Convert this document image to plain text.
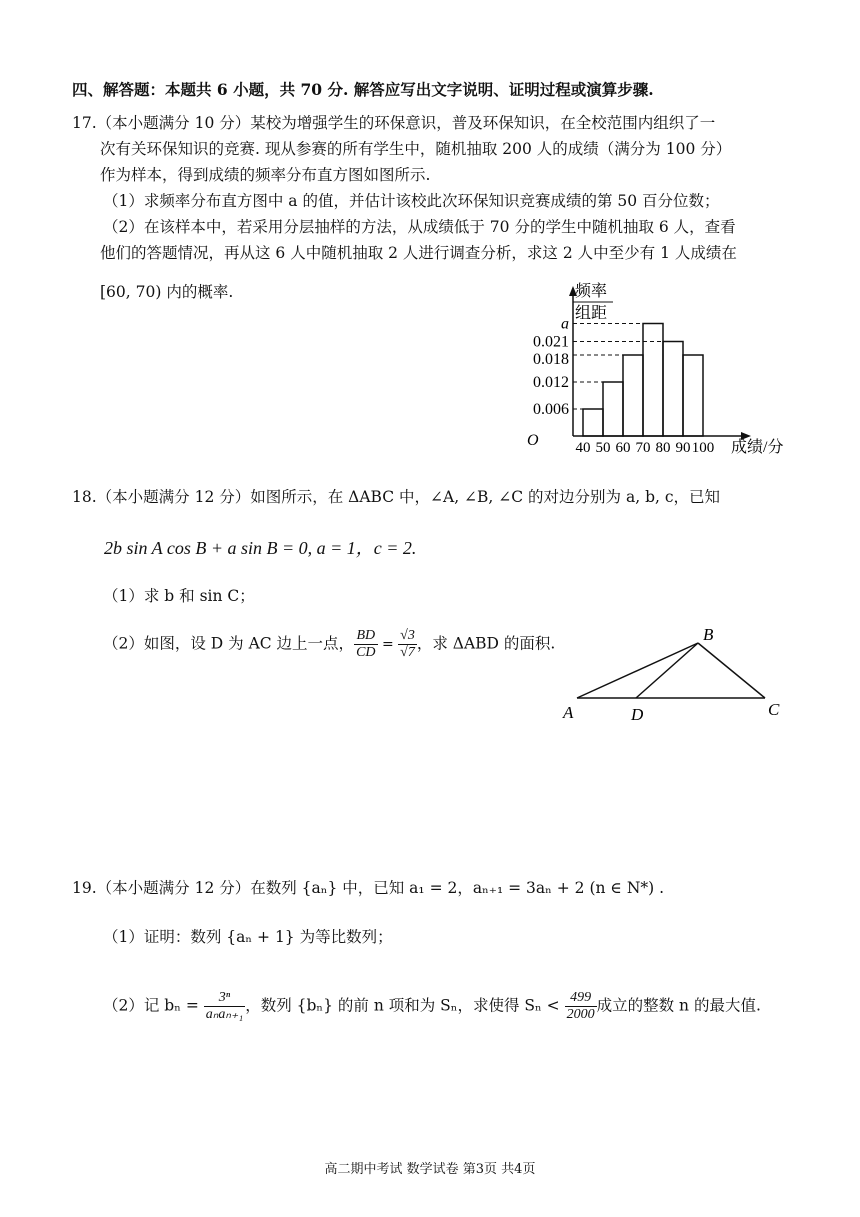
四、解答题：本题共 6 小题，共 70 分. 解答应写出文字说明、证明过程或演算步骤.
17.（本小题满分 10 分）某校为增强学生的环保意识，普及环保知识，在全校范围内组织了一
次有关环保知识的竞赛. 现从参赛的所有学生中，随机抽取 200 人的成绩（满分为 100 分）
作为样本，得到成绩的频率分布直方图如图所示.
（1）求频率分布直方图中 a 的值，并估计该校此次环保知识竞赛成绩的第 50 百分位数；
（2）在该样本中，若采用分层抽样的方法，从成绩低于 70 分的学生中随机抽取 6 人，查看
他们的答题情况，再从这 6 人中随机抽取 2 人进行调查分析，求这 2 人中至少有 1 人成绩在
[60, 70) 内的概率.
a
0.021
0.018
0.012
0.006
40 50 60 70 80 90 100
频率
组距
成绩/分
O
18.（本小题满分 12 分）如图所示，在 ΔABC 中，∠A, ∠B, ∠C 的对边分别为 a, b, c，已知
2b sin A cos B + a sin B = 0, a = 1，c = 2.
（1）求 b 和 sin C；
（2）如图，设 D 为 AC 边上一点， $\frac{BD}{CD} = \frac{√3}{√7}$ ，求 ΔABD 的面积.	B
A	D	C
19.（本小题满分 12 分）在数列 {aₙ} 中，已知 a₁ = 2，aₙ₊₁ = 3aₙ + 2 (n ∈ N*) .
（1）证明：数列 {aₙ + 1} 为等比数列；
（2）记 $b_n = \frac{\text{3ⁿ}}{\text{aₙaₙ₊₁}}$ ，数列 {bₙ} 的前 n 项和为 Sₙ，求使得 $S_n < \frac{499}{2000}$ 成立的整数 n 的最大值.
高二期中考试 数学试卷 第3页 共4页
